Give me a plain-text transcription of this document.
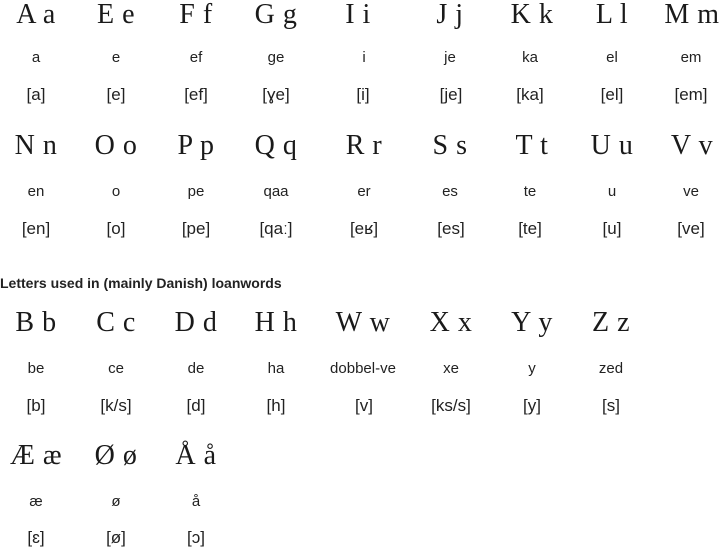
A a	E e	F f	G g	I i	J j	K k	L l	M m
a	e	ef	ge	i	je	ka	el	em
[a]	[e]	[ef]	[ɣe]	[i]	[je]	[ka]	[el]	[em]
N n	O o	P p	Q q	R r	S s	T t	U u	V v
en	o	pe	qaa	er	es	te	u	ve
[en]	[o]	[pe]	[qaː]	[eʁ]	[es]	[te]	[u]	[ve]
Letters used in (mainly Danish) loanwords
B b	C c	D d	H h	W w	X x	Y y	Z z
be	ce	de	ha	dobbel-ve	xe	y	zed
[b]	[k/s]	[d]	[h]	[v]	[ks/s]	[y]	[s]
Æ æ	Ø ø	Å å
æ	ø	å
[ɛ]	[ø]	[ɔ]
